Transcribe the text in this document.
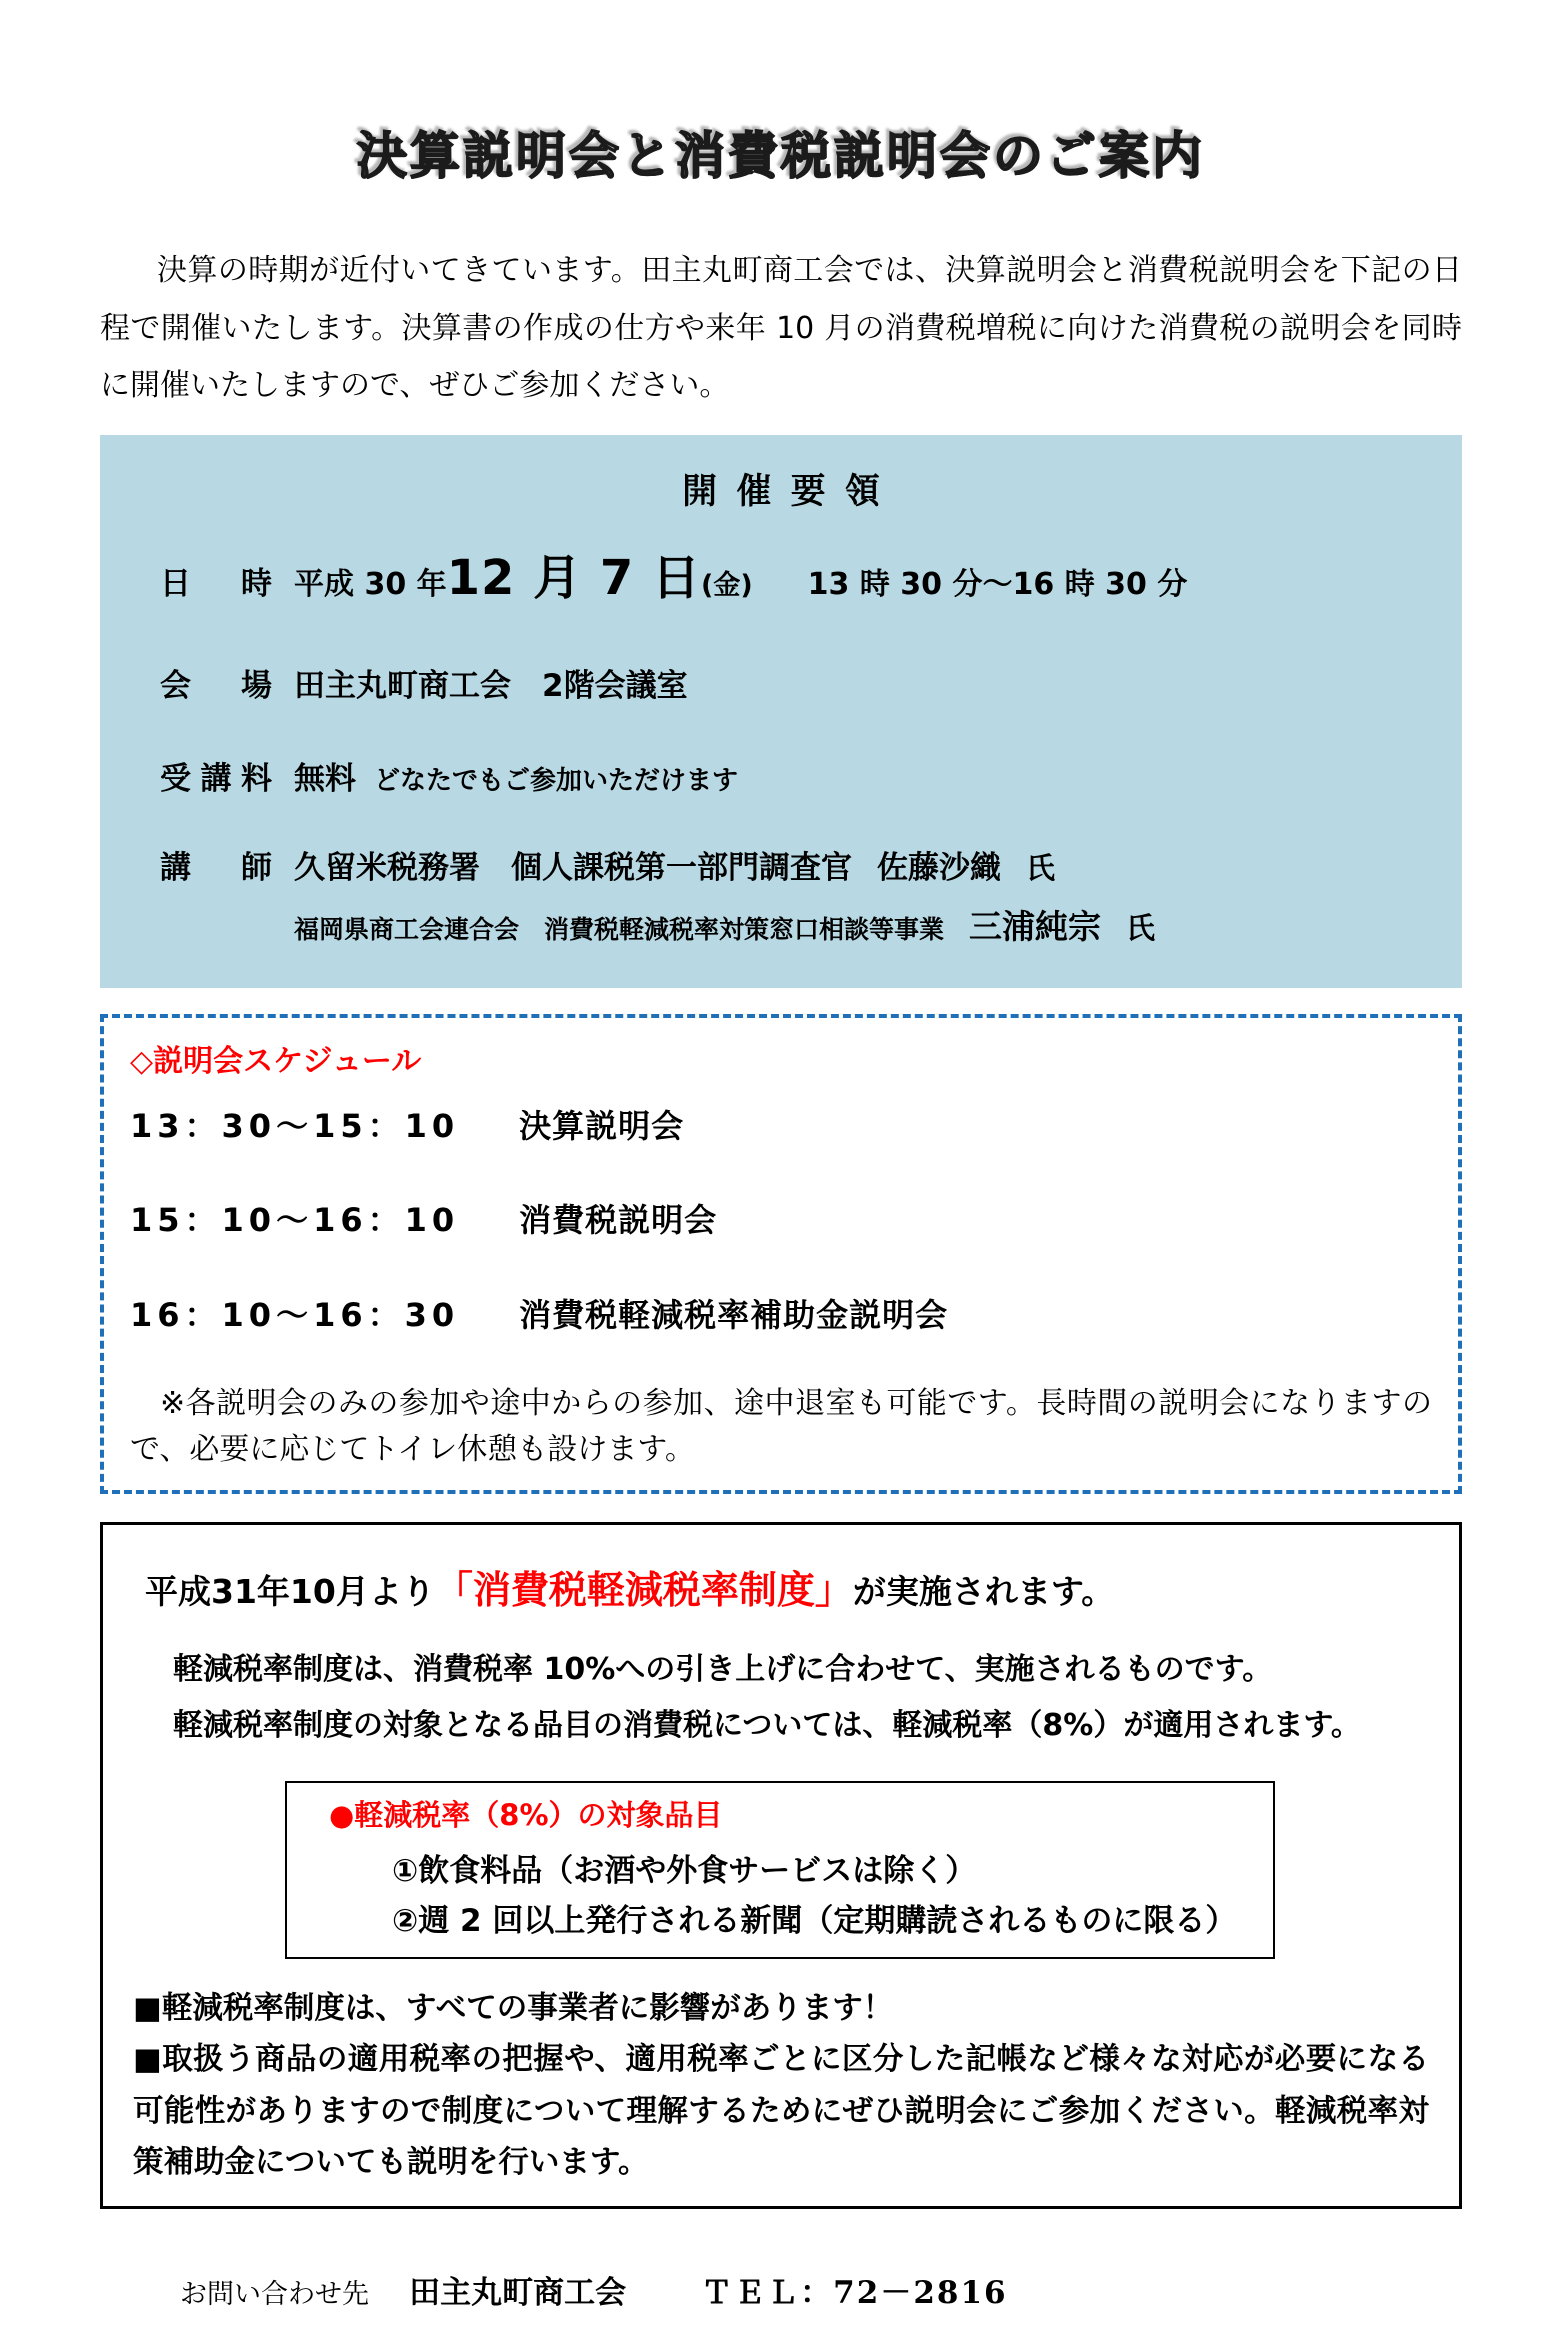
決算説明会と消費税説明会のご案内

決算の時期が近付いてきています。田主丸町商工会では、決算説明会と消費税説明会を下記の日程で開催いたします。決算書の作成の仕方や来年 10 月の消費税増税に向けた消費税の説明会を同時に開催いたしますので、ぜひご参加ください。

開催要領
日時 平成 30 年12 月 7 日(金) 13 時 30 分～16 時 30 分
会場 田主丸町商工会　2階会議室
受講料 無料 どなたでもご参加いただけます
講師 久留米税務署　個人課税第一部門調査官 佐藤沙織 氏
福岡県商工会連合会　消費税軽減税率対策窓口相談等事業 三浦純宗 氏
◇説明会スケジュール
13：30～15：10 決算説明会
15：10～16：10 消費税説明会
16：10～16：30 消費税軽減税率補助金説明会

※各説明会のみの参加や途中からの参加、途中退室も可能です。長時間の説明会になりますので、必要に応じてトイレ休憩も設けます。

平成31年10月より「消費税軽減税率制度」が実施されます。

軽減税率制度は、消費税率 10%への引き上げに合わせて、実施されるものです。

軽減税率制度の対象となる品目の消費税については、軽減税率（8%）が適用されます。

●軽減税率（8%）の対象品目
①飲食料品（お酒や外食サービスは除く）
②週 2 回以上発行される新聞（定期購読されるものに限る）

■軽減税率制度は、すべての事業者に影響があります！

■取扱う商品の適用税率の把握や、適用税率ごとに区分した記帳など様々な対応が必要になる可能性がありますので制度について理解するためにぜひ説明会にご参加ください。軽減税率対策補助金についても説明を行います。

お問い合わせ先 田主丸町商工会 ＴＥＬ：72－2816
